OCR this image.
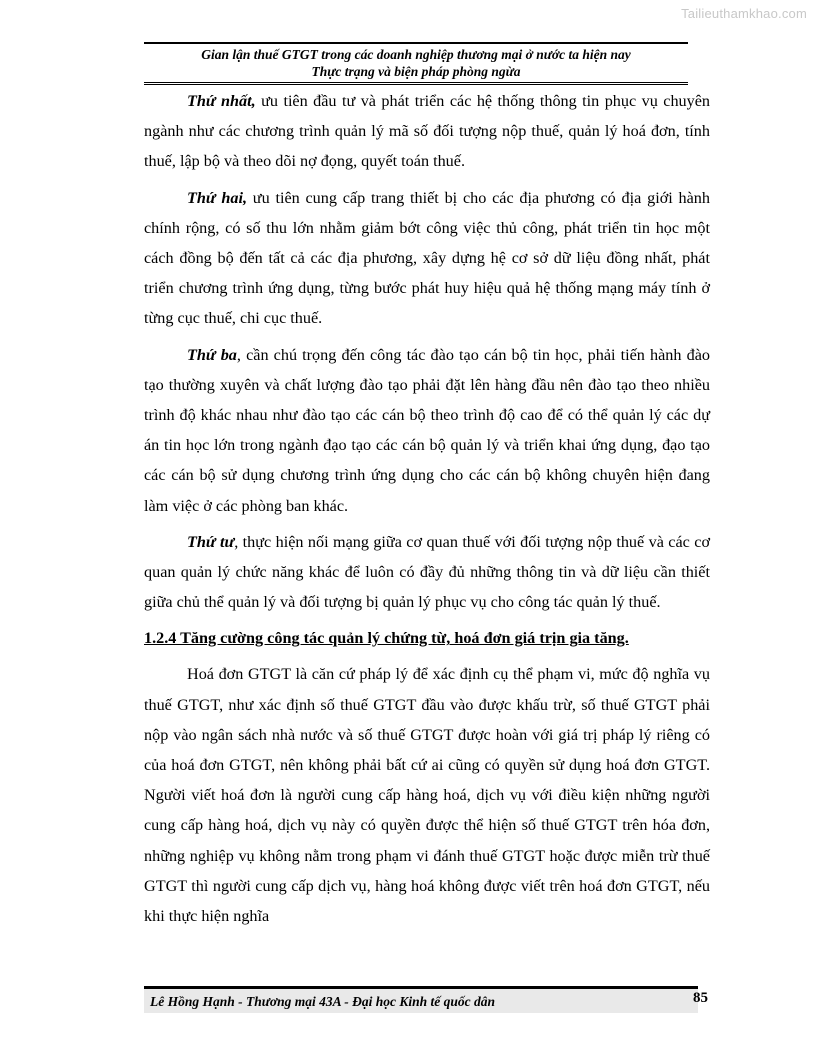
Tailieuthamkhao.com
Gian lận thuế GTGT trong các doanh nghiệp thương mại ở nước ta hiện nay
Thực trạng và biện pháp phòng ngừa

Thứ nhất, ưu tiên đầu tư và phát triển các hệ thống thông tin phục vụ chuyên ngành như các chương trình quản lý mã số đối tượng nộp thuế, quản lý hoá đơn, tính thuế, lập bộ và theo dõi nợ đọng, quyết toán thuế.

Thứ hai, ưu tiên cung cấp trang thiết bị cho các địa phương có địa giới hành chính rộng, có số thu lớn nhằm giảm bớt công việc thủ công, phát triển tin học một cách đồng bộ đến tất cả các địa phương, xây dựng hệ cơ sở dữ liệu đồng nhất, phát triển chương trình ứng dụng, từng bước phát huy hiệu quả hệ thống mạng máy tính ở từng cục thuế, chi cục thuế.

Thứ ba, cần chú trọng đến công tác đào tạo cán bộ tin học, phải tiến hành đào tạo thường xuyên và chất lượng đào tạo phải đặt lên hàng đầu nên đào tạo theo nhiều trình độ khác nhau như đào tạo các cán bộ theo trình độ cao để có thể quản lý các dự án tin học lớn trong ngành đạo tạo các cán bộ quản lý và triển khai ứng dụng, đạo tạo các cán bộ sử dụng chương trình ứng dụng cho các cán bộ không chuyên hiện đang làm việc ở các phòng ban khác.

Thứ tư, thực hiện nối mạng giữa cơ quan thuế với đối tượng nộp thuế và các cơ quan quản lý chức năng khác để luôn có đầy đủ những thông tin và dữ liệu cần thiết giữa chủ thể quản lý và đối tượng bị quản lý phục vụ cho công tác quản lý thuế.

1.2.4 Tăng cường công tác quản lý chứng từ, hoá đơn giá trịn gia tăng.

Hoá đơn GTGT là căn cứ pháp lý để xác định cụ thể phạm vi, mức độ nghĩa vụ thuế GTGT, như xác định số thuế GTGT đầu vào được khấu trừ, số thuế GTGT phải nộp vào ngân sách nhà nước và số thuế GTGT được hoàn với giá trị pháp lý riêng có của hoá đơn GTGT, nên không phải bất cứ ai cũng có quyền sử dụng hoá đơn GTGT. Người viết hoá đơn là người cung cấp hàng hoá, dịch vụ với điều kiện những người cung cấp hàng hoá, dịch vụ này có quyền được thể hiện số thuế GTGT trên hóa đơn, những nghiệp vụ không nằm trong phạm vi đánh thuế GTGT hoặc được miễn trừ thuế GTGT thì người cung cấp dịch vụ, hàng hoá không được viết trên hoá đơn GTGT, nếu khi thực hiện nghĩa

Lê Hồng Hạnh - Thương mại 43A - Đại học Kinh tế quốc dân	85
